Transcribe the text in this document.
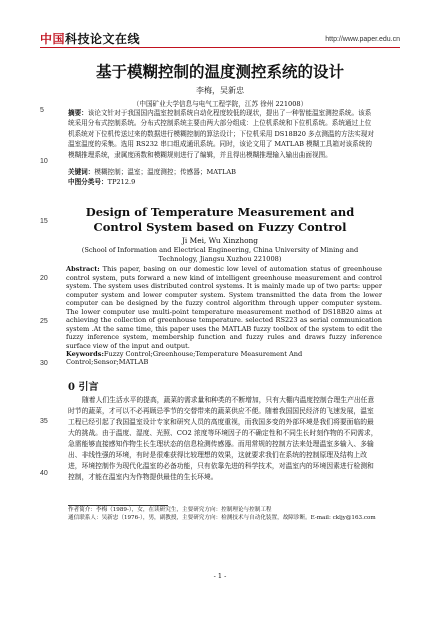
中国科技论文在线	http://www.paper.edu.cn
基于模糊控制的温度测控系统的设计
李梅，吴新忠
（中国矿业大学信息与电气工程学院，江苏 徐州 221008）
摘要：该论文针对于我国国内温室控制系统自动化程度较低的现状，提出了一种智能温室测控系统。该系统采用分布式控制系统。分布式控制系统主要由两大部分组成：上位机系统和下位机系统。系统通过上位机系统对下位机传送过来的数据进行模糊控制的算法设计；下位机采用 DS18B20 多点测温的方法实现对温室温度的采集。选用 RS232 串口组成通讯系统。同时，该论文用了 MATLAB 模糊工具箱对该系统的模糊推理系统，隶属度函数和模糊规则进行了编辑，并且得出模糊推理输入输出曲面视图。
关键词：模糊控制；温室；温度测控；传感器；MATLAB
中图分类号：TP212.9
Design of Temperature Measurement and Control System based on Fuzzy Control
Ji Mei, Wu Xinzhong
(School of Information and Electrical Engineering, China University of Mining and Technology, Jiangsu Xuzhou 221008)
Abstract: This paper, basing on our domestic low level of automation status of greenhouse control system, puts forward a new kind of intelligent greenhouse measurement and control system. The system uses distributed control systems. It is mainly made up of two parts: upper computer system and lower computer system. System transmitted the data from the lower computer can be designed by the fuzzy control algorithm through upper computer system. The lower computer use multi-point temperature measurement method of DS18B20 aims at achieving the collection of greenhouse temperature. selected RS223 as serial communication system .At the same time, this paper uses the MATLAB fuzzy toolbox of the system to edit the fuzzy inference system, membership function and fuzzy rules and draws fuzzy inference surface view of the input and output.
Keywords:Fuzzy Control;Greenhouse;Temperature Measurement And Control;Sensor;MATLAB
0 引言
随着人们生活水平的提高，蔬菜的需求量和种类的不断增加，只有大棚内温度控制合理生产出任意时节的蔬菜，才可以不必再顾忌季节的交替带来的蔬菜供应不便。随着我国国民经济的飞速发展，温室工程已经引起了我国温室设计专家和研究人员的高度重视，而我国多变的外部环境是我们将要面临的最大的挑战。由于温度、湿度、光照、CO2 浓度等环境因子的不确定性和不同生长时刻作物的不同需求，急需能够直接感知作物生长生理状态的信息检测传感器。而用常规的控制方法来处理温室多输入、多输出、非线性强的环境，有时是很难获得比较理想的效果，这就要求我们在系统的控制原理及结构上改进，环境控制作为现代化温室的必备功能，只有依靠先进的科学技术，对温室内的环境因素进行检测和控制，才能在温室内为作物提供最佳的生长环境。
作者简介：李梅（1989-），女，在读研究生，主要研究方向：控制理论与控制工程
通信联系人：吴新忠（1976-），男，副教授，主要研究方向：检测技术与自动化装置，故障诊断。E-mail: ckljy@163.com
- 1 -
5
10
15
20
25
30
35
40
